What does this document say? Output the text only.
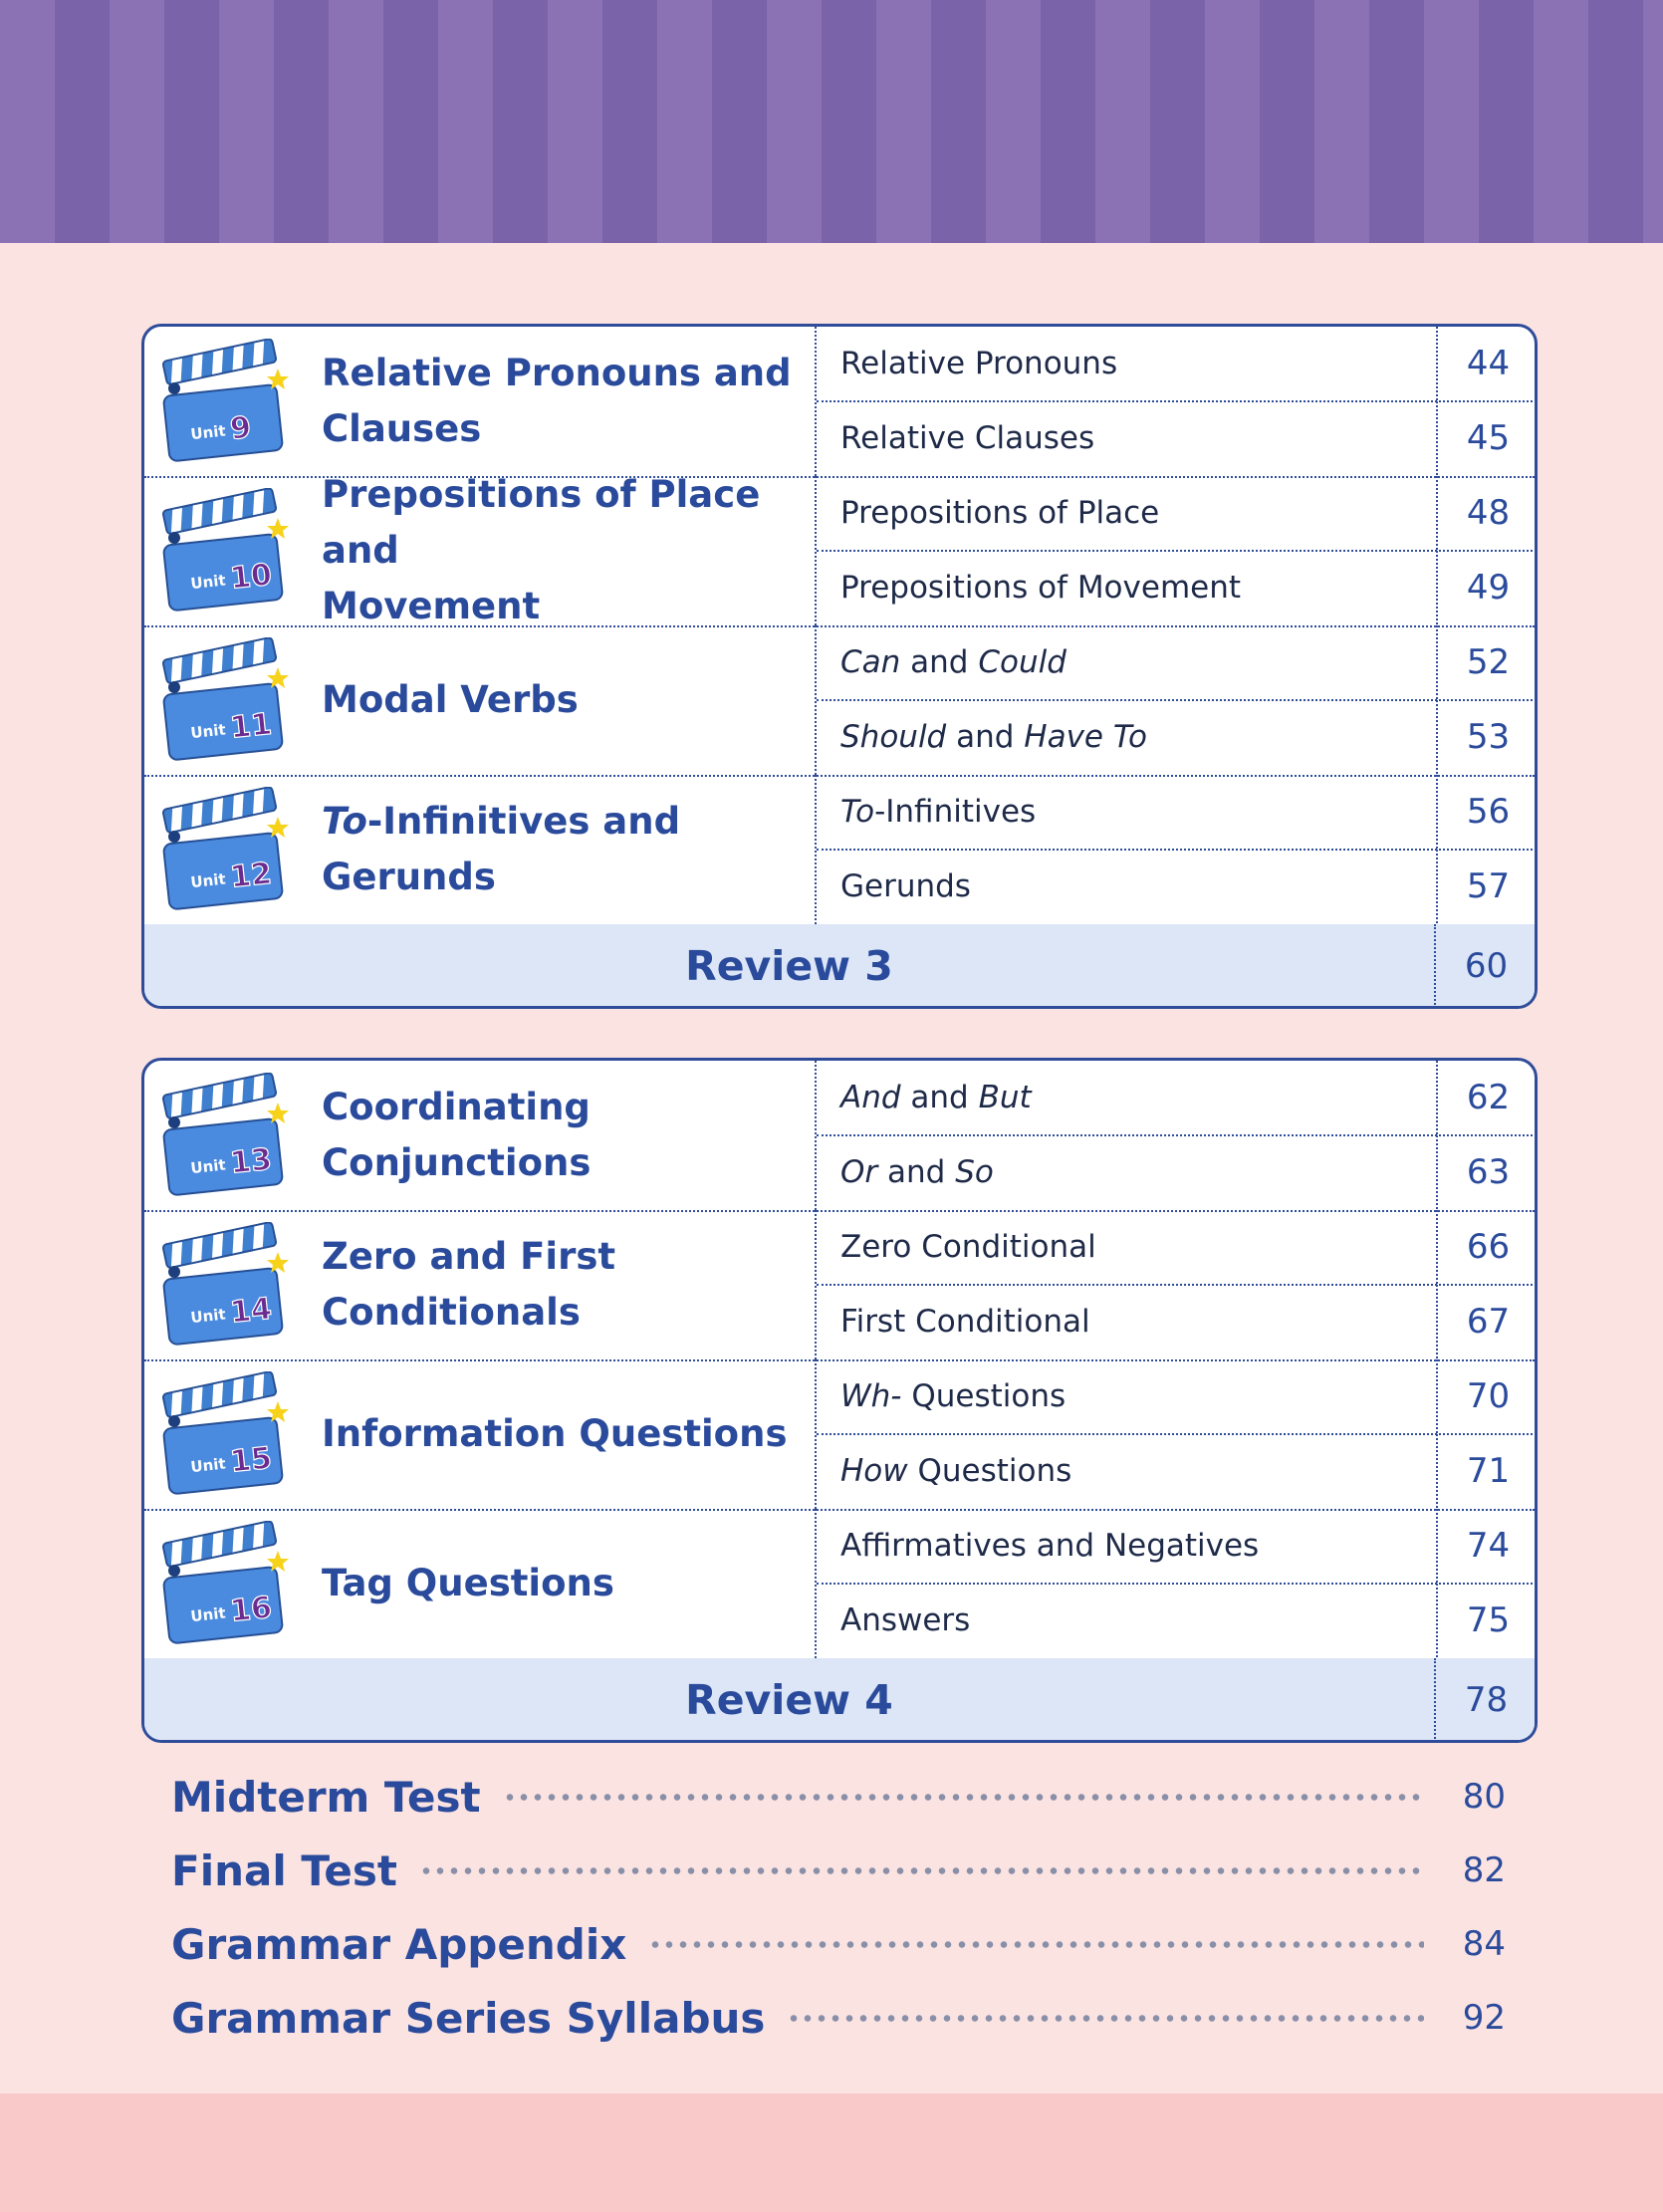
Unit 9
Relative Pronouns and
Clauses
Relative Pronouns	44
Relative Clauses	45
Unit 10
Prepositions of Place and
Movement
Prepositions of Place	48
Prepositions of Movement	49
Unit 11
Modal Verbs
Can and Could	52
Should and Have To	53
Unit 12
To-Infinitives and
Gerunds
To-Infinitives	56
Gerunds	57
Review 3	60
Unit 13
Coordinating
Conjunctions
And and But	62
Or and So	63
Unit 14
Zero and First
Conditionals
Zero Conditional	66
First Conditional	67
Unit 15
Information Questions
Wh- Questions	70
How Questions	71
Unit 16
Tag Questions
Affirmatives and Negatives	74
Answers	75
Review 4	78
Midterm Test	80
Final Test	82
Grammar Appendix	84
Grammar Series Syllabus	92
